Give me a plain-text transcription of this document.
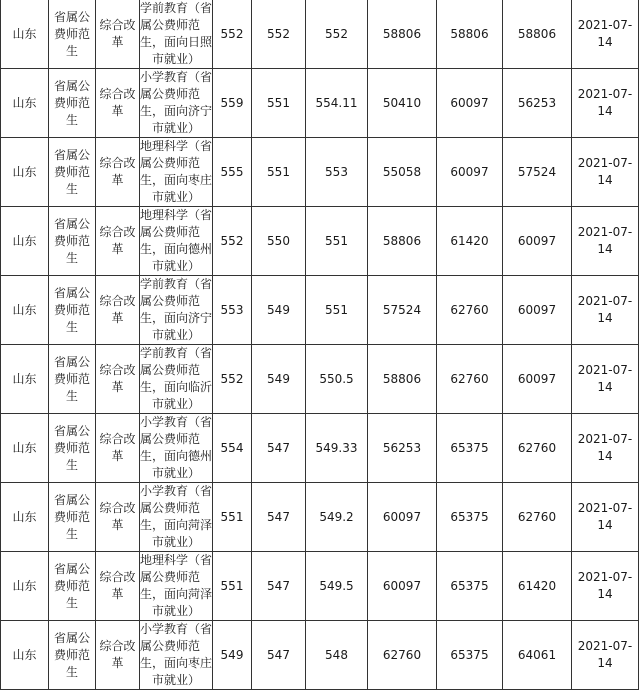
山东	省属公费师范生	综合改革	学前教育（省
属公费师范
生，面向日照
市就业）	552	552	552	58806	58806	58806	2021-07-14
山东	省属公费师范生	综合改革	小学教育（省
属公费师范
生，面向济宁
市就业）	559	551	554.11	50410	60097	56253	2021-07-14
山东	省属公费师范生	综合改革	地理科学（省
属公费师范
生，面向枣庄
市就业）	555	551	553	55058	60097	57524	2021-07-14
山东	省属公费师范生	综合改革	地理科学（省
属公费师范
生，面向德州
市就业）	552	550	551	58806	61420	60097	2021-07-14
山东	省属公费师范生	综合改革	学前教育（省
属公费师范
生，面向济宁
市就业）	553	549	551	57524	62760	60097	2021-07-14
山东	省属公费师范生	综合改革	学前教育（省
属公费师范
生，面向临沂
市就业）	552	549	550.5	58806	62760	60097	2021-07-14
山东	省属公费师范生	综合改革	小学教育（省
属公费师范
生，面向德州
市就业）	554	547	549.33	56253	65375	62760	2021-07-14
山东	省属公费师范生	综合改革	小学教育（省
属公费师范
生，面向菏泽
市就业）	551	547	549.2	60097	65375	62760	2021-07-14
山东	省属公费师范生	综合改革	地理科学（省
属公费师范
生，面向菏泽
市就业）	551	547	549.5	60097	65375	61420	2021-07-14
山东	省属公费师范生	综合改革	小学教育（省
属公费师范
生，面向枣庄
市就业）	549	547	548	62760	65375	64061	2021-07-14
